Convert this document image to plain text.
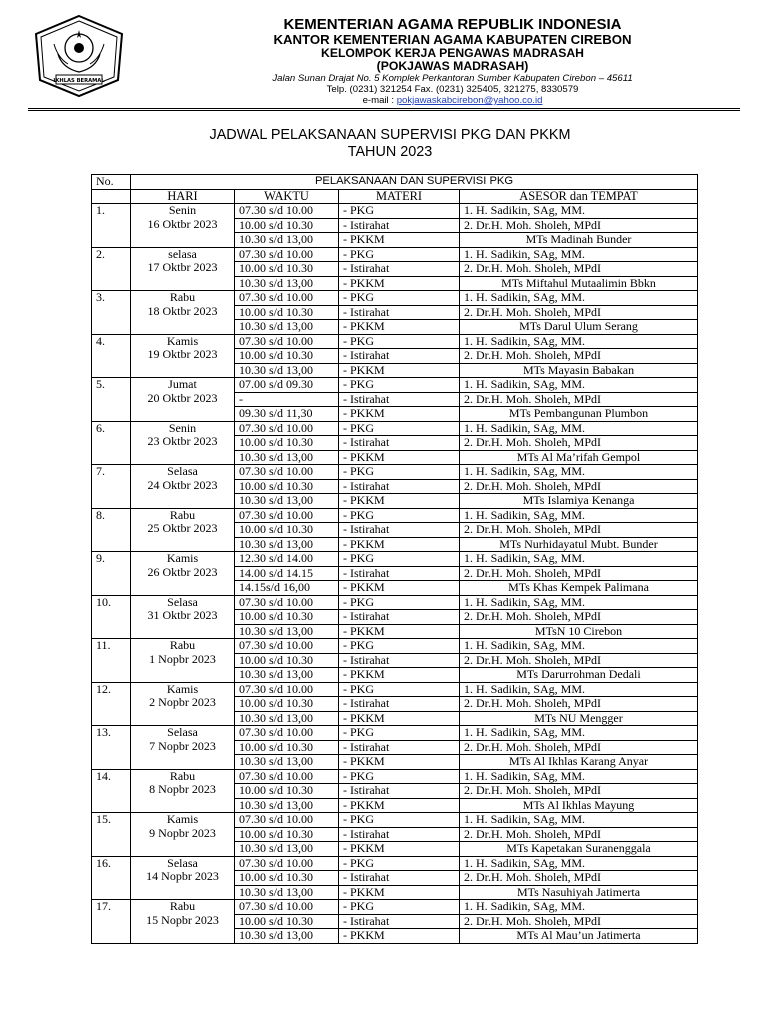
IKHLAS BERAMAL
KEMENTERIAN AGAMA REPUBLIK INDONESIA
KANTOR KEMENTERIAN AGAMA KABUPATEN CIREBON
KELOMPOK KERJA PENGAWAS MADRASAH
(POKJAWAS MADRASAH)
Jalan Sunan Drajat No. 5 Komplek Perkantoran Sumber Kabupaten Cirebon – 45611
Telp. (0231) 321254 Fax. (0231) 325405, 321275, 8330579
e-mail : pokjawaskabcirebon@yahoo.co.id
JADWAL PELAKSANAAN SUPERVISI PKG DAN PKKM
TAHUN 2023
No.	PELAKSANAAN DAN SUPERVISI PKG			
	HARI	WAKTU	MATERI	ASESOR dan TEMPAT
1.	Senin
16 Oktbr 2023	07.30 s/d 10.00	- PKG	1. H. Sadikin, SAg, MM.
		10.00 s/d 10.30	- Istirahat	2. Dr.H. Moh. Sholeh, MPdI
		10.30 s/d 13,00	- PKKM	MTs Madinah Bunder
2.	selasa
17 Oktbr 2023	07.30 s/d 10.00	- PKG	1. H. Sadikin, SAg, MM.
		10.00 s/d 10.30	- Istirahat	2. Dr.H. Moh. Sholeh, MPdI
		10.30 s/d 13,00	- PKKM	MTs Miftahul Mutaalimin Bbkn
3.	Rabu
18 Oktbr 2023	07.30 s/d 10.00	- PKG	1. H. Sadikin, SAg, MM.
		10.00 s/d 10.30	- Istirahat	2. Dr.H. Moh. Sholeh, MPdI
		10.30 s/d 13,00	- PKKM	MTs Darul Ulum Serang
4.	Kamis
19 Oktbr 2023	07.30 s/d 10.00	- PKG	1. H. Sadikin, SAg, MM.
		10.00 s/d 10.30	- Istirahat	2. Dr.H. Moh. Sholeh, MPdI
		10.30 s/d 13,00	- PKKM	MTs Mayasin Babakan
5.	Jumat
20 Oktbr 2023	07.00 s/d 09.30	- PKG	1. H. Sadikin, SAg, MM.
		-	- Istirahat	2. Dr.H. Moh. Sholeh, MPdI
		09.30 s/d 11,30	- PKKM	MTs Pembangunan Plumbon
6.	Senin
23 Oktbr 2023	07.30 s/d 10.00	- PKG	1. H. Sadikin, SAg, MM.
		10.00 s/d 10.30	- Istirahat	2. Dr.H. Moh. Sholeh, MPdI
		10.30 s/d 13,00	- PKKM	MTs Al Ma’rifah Gempol
7.	Selasa
24 Oktbr 2023	07.30 s/d 10.00	- PKG	1. H. Sadikin, SAg, MM.
		10.00 s/d 10.30	- Istirahat	2. Dr.H. Moh. Sholeh, MPdI
		10.30 s/d 13,00	- PKKM	MTs Islamiya Kenanga
8.	Rabu
25 Oktbr 2023	07.30 s/d 10.00	- PKG	1. H. Sadikin, SAg, MM.
		10.00 s/d 10.30	- Istirahat	2. Dr.H. Moh. Sholeh, MPdI
		10.30 s/d 13,00	- PKKM	MTs Nurhidayatul Mubt. Bunder
9.	Kamis
26 Oktbr 2023	12.30 s/d 14.00	- PKG	1. H. Sadikin, SAg, MM.
		14.00 s/d 14.15	- Istirahat	2. Dr.H. Moh. Sholeh, MPdI
		14.15s/d 16,00	- PKKM	MTs Khas Kempek Palimana
10.	Selasa
31 Oktbr 2023	07.30 s/d 10.00	- PKG	1. H. Sadikin, SAg, MM.
		10.00 s/d 10.30	- Istirahat	2. Dr.H. Moh. Sholeh, MPdI
		10.30 s/d 13,00	- PKKM	MTsN 10 Cirebon
11.	Rabu
1 Nopbr 2023	07.30 s/d 10.00	- PKG	1. H. Sadikin, SAg, MM.
		10.00 s/d 10.30	- Istirahat	2. Dr.H. Moh. Sholeh, MPdI
		10.30 s/d 13,00	- PKKM	MTs Darurrohman Dedali
12.	Kamis
2 Nopbr 2023	07.30 s/d 10.00	- PKG	1. H. Sadikin, SAg, MM.
		10.00 s/d 10.30	- Istirahat	2. Dr.H. Moh. Sholeh, MPdI
		10.30 s/d 13,00	- PKKM	MTs NU Mengger
13.	Selasa
7 Nopbr 2023	07.30 s/d 10.00	- PKG	1. H. Sadikin, SAg, MM.
		10.00 s/d 10.30	- Istirahat	2. Dr.H. Moh. Sholeh, MPdI
		10.30 s/d 13,00	- PKKM	MTs Al Ikhlas Karang Anyar
14.	Rabu
8 Nopbr 2023	07.30 s/d 10.00	- PKG	1. H. Sadikin, SAg, MM.
		10.00 s/d 10.30	- Istirahat	2. Dr.H. Moh. Sholeh, MPdI
		10.30 s/d 13,00	- PKKM	MTs Al Ikhlas Mayung
15.	Kamis
9 Nopbr 2023	07.30 s/d 10.00	- PKG	1. H. Sadikin, SAg, MM.
		10.00 s/d 10.30	- Istirahat	2. Dr.H. Moh. Sholeh, MPdI
		10.30 s/d 13,00	- PKKM	MTs Kapetakan Suranenggala
16.	Selasa
14 Nopbr 2023	07.30 s/d 10.00	- PKG	1. H. Sadikin, SAg, MM.
		10.00 s/d 10.30	- Istirahat	2. Dr.H. Moh. Sholeh, MPdI
		10.30 s/d 13,00	- PKKM	MTs Nasuhiyah Jatimerta
17.	Rabu
15 Nopbr 2023	07.30 s/d 10.00	- PKG	1. H. Sadikin, SAg, MM.
		10.00 s/d 10.30	- Istirahat	2. Dr.H. Moh. Sholeh, MPdI
		10.30 s/d 13,00	- PKKM	MTs Al Mau’un Jatimerta
